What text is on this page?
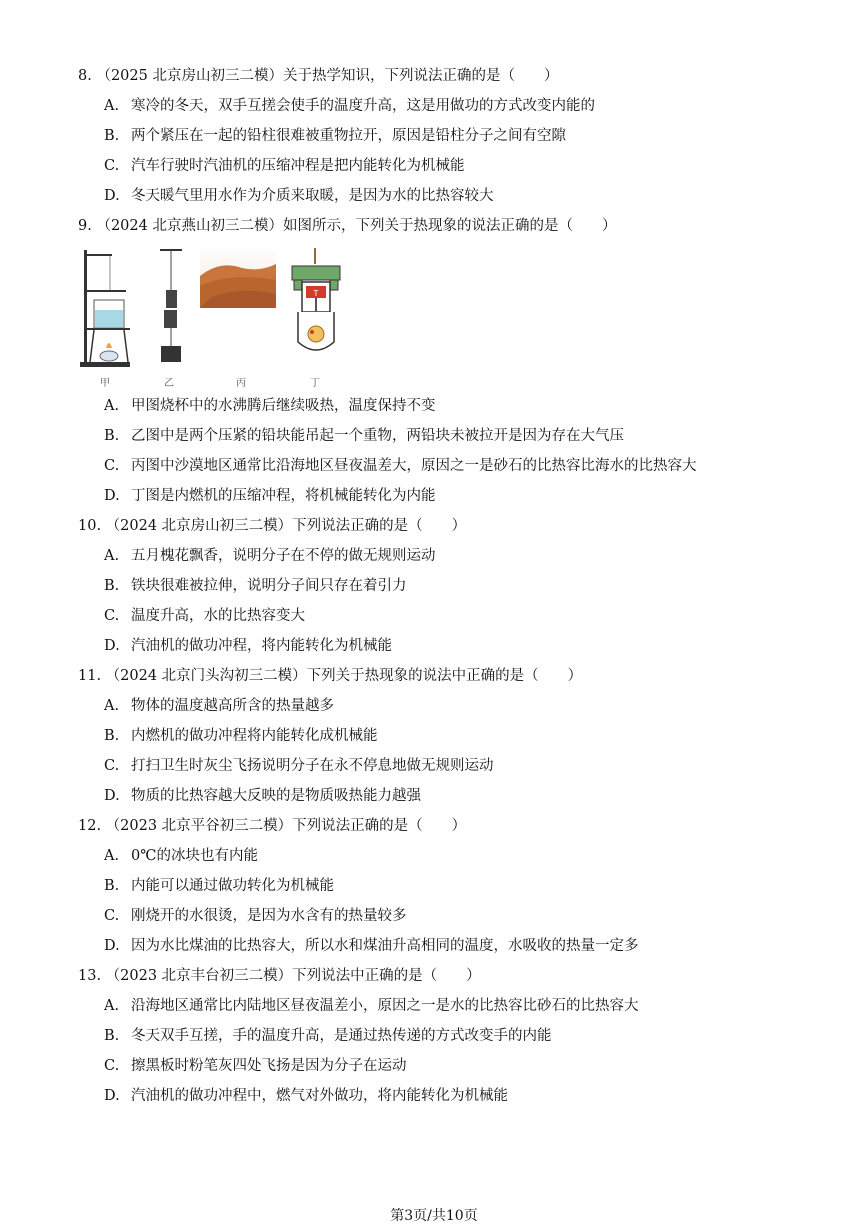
8. （2025 北京房山初三二模）关于热学知识，下列说法正确的是（　　）
A. 寒冷的冬天，双手互搓会使手的温度升高，这是用做功的方式改变内能的
B. 两个紧压在一起的铅柱很难被重物拉开，原因是铅柱分子之间有空隙
C. 汽车行驶时汽油机的压缩冲程是把内能转化为机械能
D. 冬天暖气里用水作为介质来取暖，是因为水的比热容较大
9. （2024 北京燕山初三二模）如图所示，下列关于热现象的说法正确的是（　　）
T
甲	乙	丙	丁
A. 甲图烧杯中的水沸腾后继续吸热，温度保持不变
B. 乙图中是两个压紧的铅块能吊起一个重物，两铅块未被拉开是因为存在大气压
C. 丙图中沙漠地区通常比沿海地区昼夜温差大，原因之一是砂石的比热容比海水的比热容大
D. 丁图是内燃机的压缩冲程，将机械能转化为内能
10. （2024 北京房山初三二模）下列说法正确的是（　　）
A. 五月槐花飘香，说明分子在不停的做无规则运动
B. 铁块很难被拉伸，说明分子间只存在着引力
C. 温度升高，水的比热容变大
D. 汽油机的做功冲程，将内能转化为机械能
11. （2024 北京门头沟初三二模）下列关于热现象的说法中正确的是（　　）
A. 物体的温度越高所含的热量越多
B. 内燃机的做功冲程将内能转化成机械能
C. 打扫卫生时灰尘飞扬说明分子在永不停息地做无规则运动
D. 物质的比热容越大反映的是物质吸热能力越强
12. （2023 北京平谷初三二模）下列说法正确的是（　　）
A. 0℃的冰块也有内能
B. 内能可以通过做功转化为机械能
C. 刚烧开的水很烫，是因为水含有的热量较多
D. 因为水比煤油的比热容大，所以水和煤油升高相同的温度，水吸收的热量一定多
13. （2023 北京丰台初三二模）下列说法中正确的是（　　）
A. 沿海地区通常比内陆地区昼夜温差小，原因之一是水的比热容比砂石的比热容大
B. 冬天双手互搓，手的温度升高，是通过热传递的方式改变手的内能
C. 擦黑板时粉笔灰四处飞扬是因为分子在运动
D. 汽油机的做功冲程中，燃气对外做功，将内能转化为机械能
第3页/共10页
